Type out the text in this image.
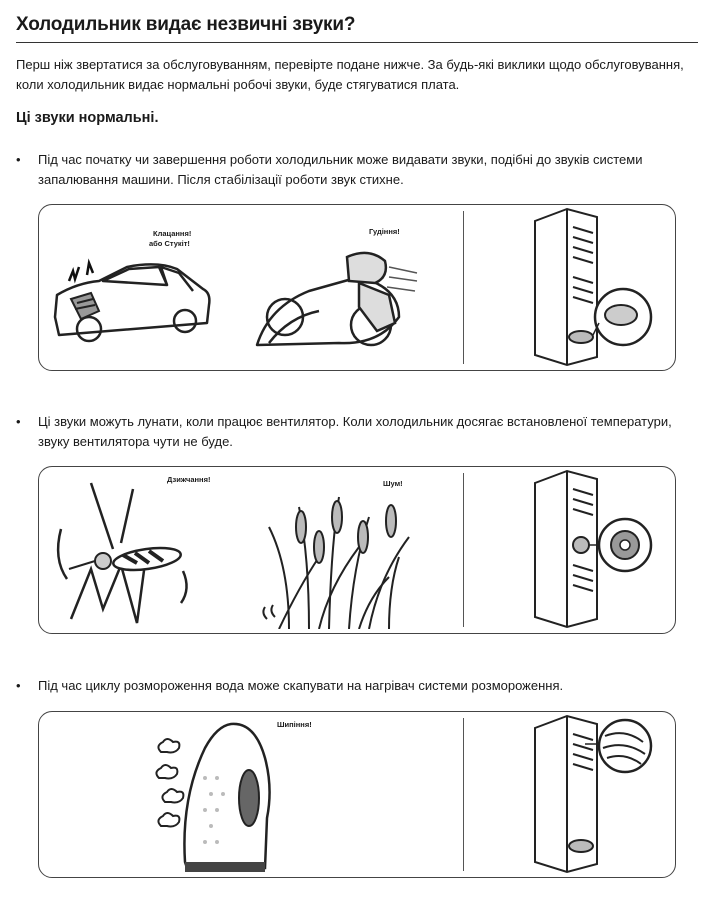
Холодильник видає незвичні звуки?
Перш ніж звертатися за обслуговуванням, перевірте подане нижче. За будь-які виклики щодо обслуговування, коли холодильник видає нормальні робочі звуки, буде стягуватися плата.
Ці звуки нормальні.
• Під час початку чи завершення роботи холодильник може видавати звуки, подібні до звуків системи запалювання машини. Після стабілізації роботи звук стихне.
Клацання!
або Стукіт!
Гудіння!
• Ці звуки можуть лунати, коли працює вентилятор. Коли холодильник досягає встановленої температури, звуку вентилятора чути не буде.
Дзижчання!	Шум!
• Під час циклу розмороження вода може скапувати на нагрівач системи розмороження.
Шипіння!
